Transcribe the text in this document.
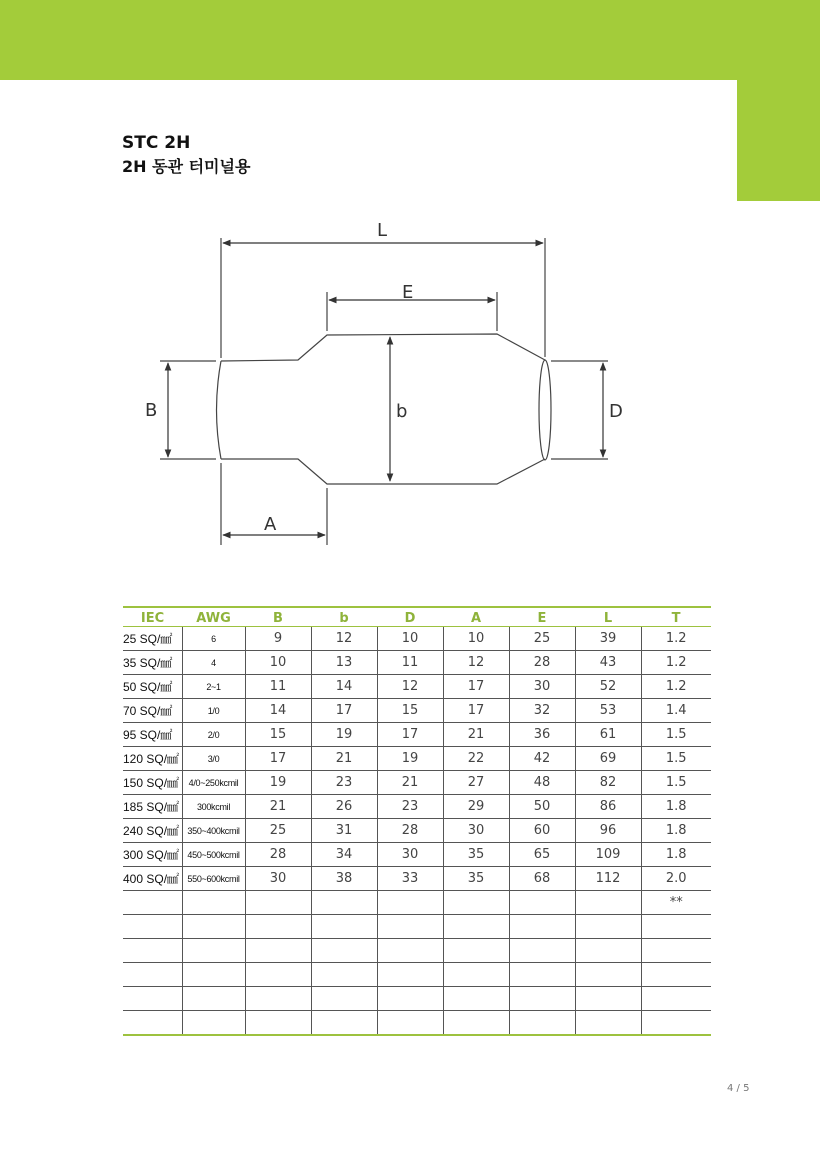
STC 2H
2H 동관 터미널용
L
E
B	b	D
A
IEC	AWG	B	b	D	A	E	L	T
25 SQ/㎟	6	9	12	10	10	25	39	1.2
35 SQ/㎟	4	10	13	11	12	28	43	1.2
50 SQ/㎟	2~1	11	14	12	17	30	52	1.2
70 SQ/㎟	1/0	14	17	15	17	32	53	1.4
95 SQ/㎟	2/0	15	19	17	21	36	61	1.5
120 SQ/㎟	3/0	17	21	19	22	42	69	1.5
150 SQ/㎟	4/0~250kcmil	19	23	21	27	48	82	1.5
185 SQ/㎟	300kcmil	21	26	23	29	50	86	1.8
240 SQ/㎟	350~400kcmil	25	31	28	30	60	96	1.8
300 SQ/㎟	450~500kcmil	28	34	30	35	65	109	1.8
400 SQ/㎟	550~600kcmil	30	38	33	35	68	112	2.0
								**

4 / 5
